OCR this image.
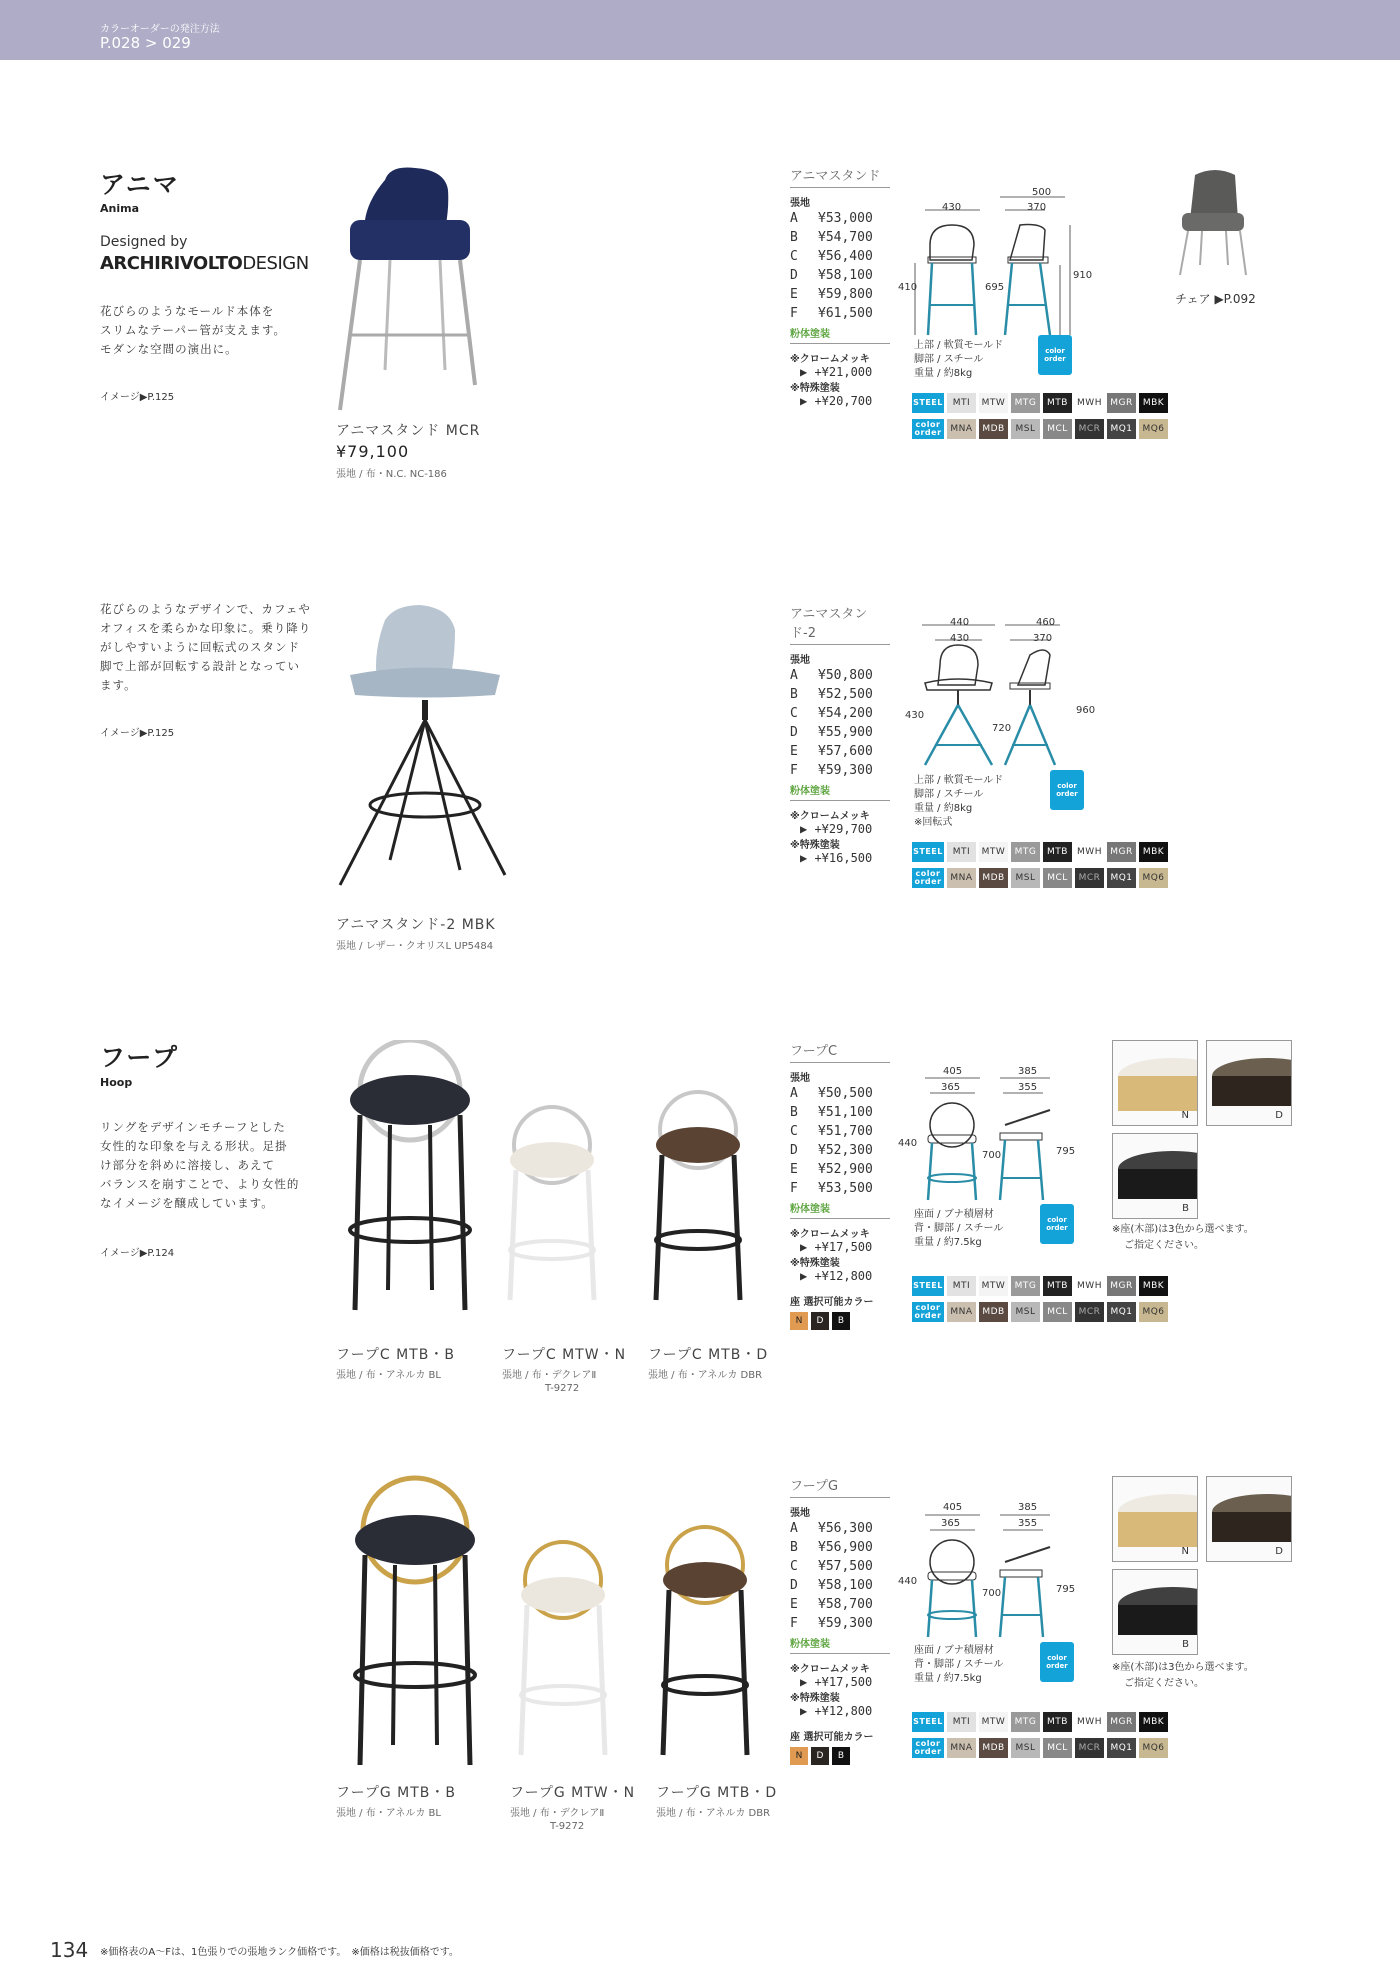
カラーオーダーの発注方法
P.028 > 029
アニマ
Anima
Designed by
ARCHIRIVOLTODESIGN
花びらのようなモールド本体を
スリムなテーパー管が支えます。
モダンな空間の演出に。
イメージ▶P.125
アニマスタンド MCR
¥79,100
張地 / 布・N.C. NC-186
アニマスタンド
張地
A	¥53,000
B	¥54,700
C	¥56,400
D	¥58,100
E	¥59,800
F	¥61,500
粉体塗装
※クロームメッキ
▶ +¥21,000
※特殊塗装
▶ +¥20,700
430
500
370
410	695
910
上部 / 軟質モールド
脚部 / スチール
重量 / 約8kg
color order
チェア ▶P.092
STEEL	MTI	MTW	MTG	MTB	MWH MGR	MBK
color order MNA	MDB	MSL	MCL	MCR	MQ1	MQ6
花びらのようなデザインで、カフェや
オフィスを柔らかな印象に。乗り降り
がしやすいように回転式のスタンド
脚で上部が回転する設計となってい
ます。
イメージ▶P.125
アニマスタンド-2 MBK
張地 / レザー・クオリスL UP5484
アニマスタンド-2
張地
A	¥50,800
B	¥52,500
C	¥54,200
D	¥55,900
E	¥57,600
F	¥59,300
粉体塗装
※クロームメッキ
▶ +¥29,700
※特殊塗装
▶ +¥16,500
440
430
460
370
430
720
960
上部 / 軟質モールド
脚部 / スチール
重量 / 約8kg
※回転式
color order
STEEL	MTI	MTW	MTG	MTB	MWH MGR	MBK
color order MNA	MDB	MSL	MCL	MCR	MQ1	MQ6
フープ
Hoop
リングをデザインモチーフとした
女性的な印象を与える形状。足掛
け部分を斜めに溶接し、あえて
バランスを崩すことで、より女性的
なイメージを醸成しています。
イメージ▶P.124
フープC MTB・B
張地 / 布・アネルカ BL
フープC MTW・N
張地 / 布・デクレアⅡ
T-9272
フープC MTB・D
張地 / 布・アネルカ DBR
フープC
張地
A	¥50,500
B	¥51,100
C	¥51,700
D	¥52,300
E	¥52,900
F	¥53,500
粉体塗装
※クロームメッキ
▶ +¥17,500
※特殊塗装
▶ +¥12,800
座 選択可能カラー
N	D	B
405
365
385
355
440
700	795
座面 / ブナ積層材
背・脚部 / スチール
重量 / 約7.5kg
color order
N	D
B
※座(木部)は3色から選べます。
ご指定ください。
STEEL	MTI	MTW	MTG	MTB	MWH MGR	MBK
color order MNA	MDB	MSL	MCL	MCR	MQ1	MQ6
フープG MTB・B
張地 / 布・アネルカ BL
フープG MTW・N
張地 / 布・デクレアⅡ
T-9272
フープG MTB・D
張地 / 布・アネルカ DBR
フープG
張地
A	¥56,300
B	¥56,900
C	¥57,500
D	¥58,100
E	¥58,700
F	¥59,300
粉体塗装
※クロームメッキ
▶ +¥17,500
※特殊塗装
▶ +¥12,800
座 選択可能カラー
N	D	B
405
365
385
355
440
700	795
座面 / ブナ積層材
背・脚部 / スチール
重量 / 約7.5kg
color order
N	D
B
※座(木部)は3色から選べます。
ご指定ください。
STEEL	MTI	MTW	MTG	MTB	MWH MGR	MBK
color order MNA	MDB	MSL	MCL	MCR	MQ1	MQ6
134 ※価格表のA〜Fは、1色張りでの張地ランク価格です。　※価格は税抜価格です。
